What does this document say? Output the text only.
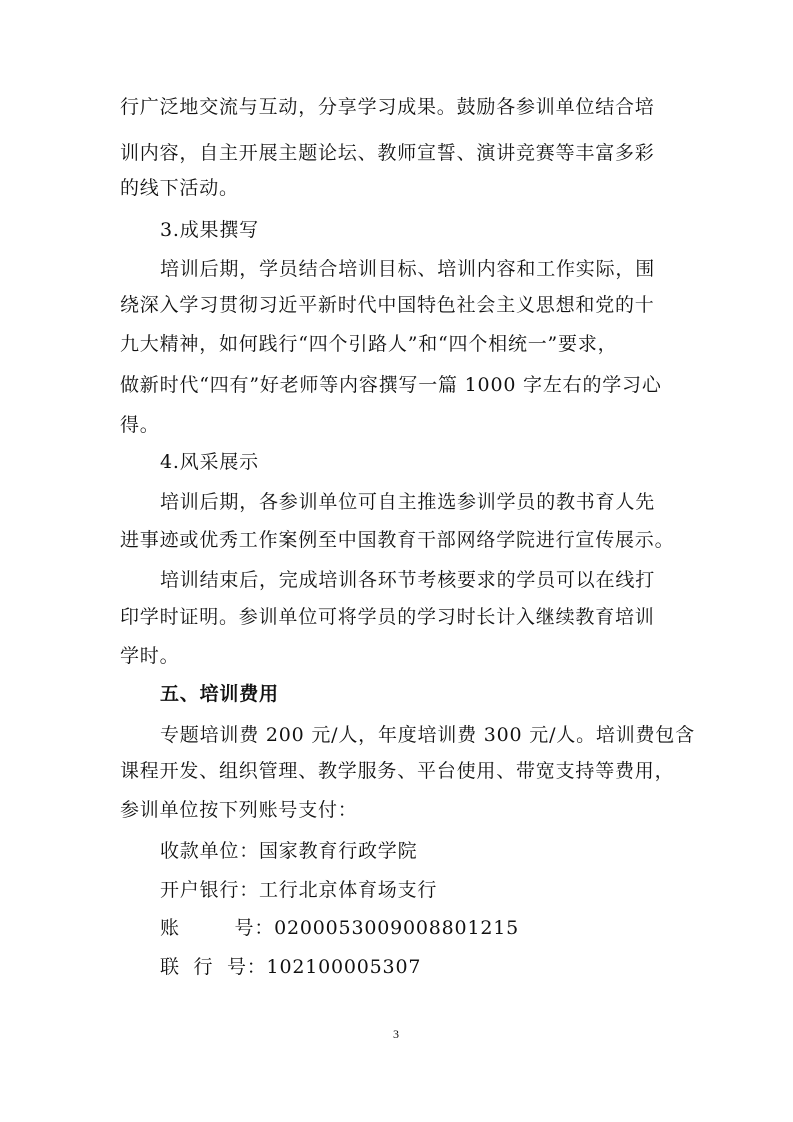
行广泛地交流与互动，分享学习成果。鼓励各参训单位结合培

训内容，自主开展主题论坛、教师宣誓、演讲竞赛等丰富多彩

的线下活动。

3.成果撰写

培训后期，学员结合培训目标、培训内容和工作实际，围

绕深入学习贯彻习近平新时代中国特色社会主义思想和党的十

九大精神，如何践行“四个引路人”和“四个相统一”要求，

做新时代“四有”好老师等内容撰写一篇 1000 字左右的学习心

得。

4.风采展示

培训后期，各参训单位可自主推选参训学员的教书育人先

进事迹或优秀工作案例至中国教育干部网络学院进行宣传展示。

培训结束后，完成培训各环节考核要求的学员可以在线打

印学时证明。参训单位可将学员的学习时长计入继续教育培训

学时。

五、培训费用

专题培训费 200 元/人，年度培训费 300 元/人。培训费包含

课程开发、组织管理、教学服务、平台使用、带宽支持等费用，

参训单位按下列账号支付：

收款单位：国家教育行政学院

开户银行：工行北京体育场支行

账        号：0200053009008801215

联  行  号：102100005307

3
